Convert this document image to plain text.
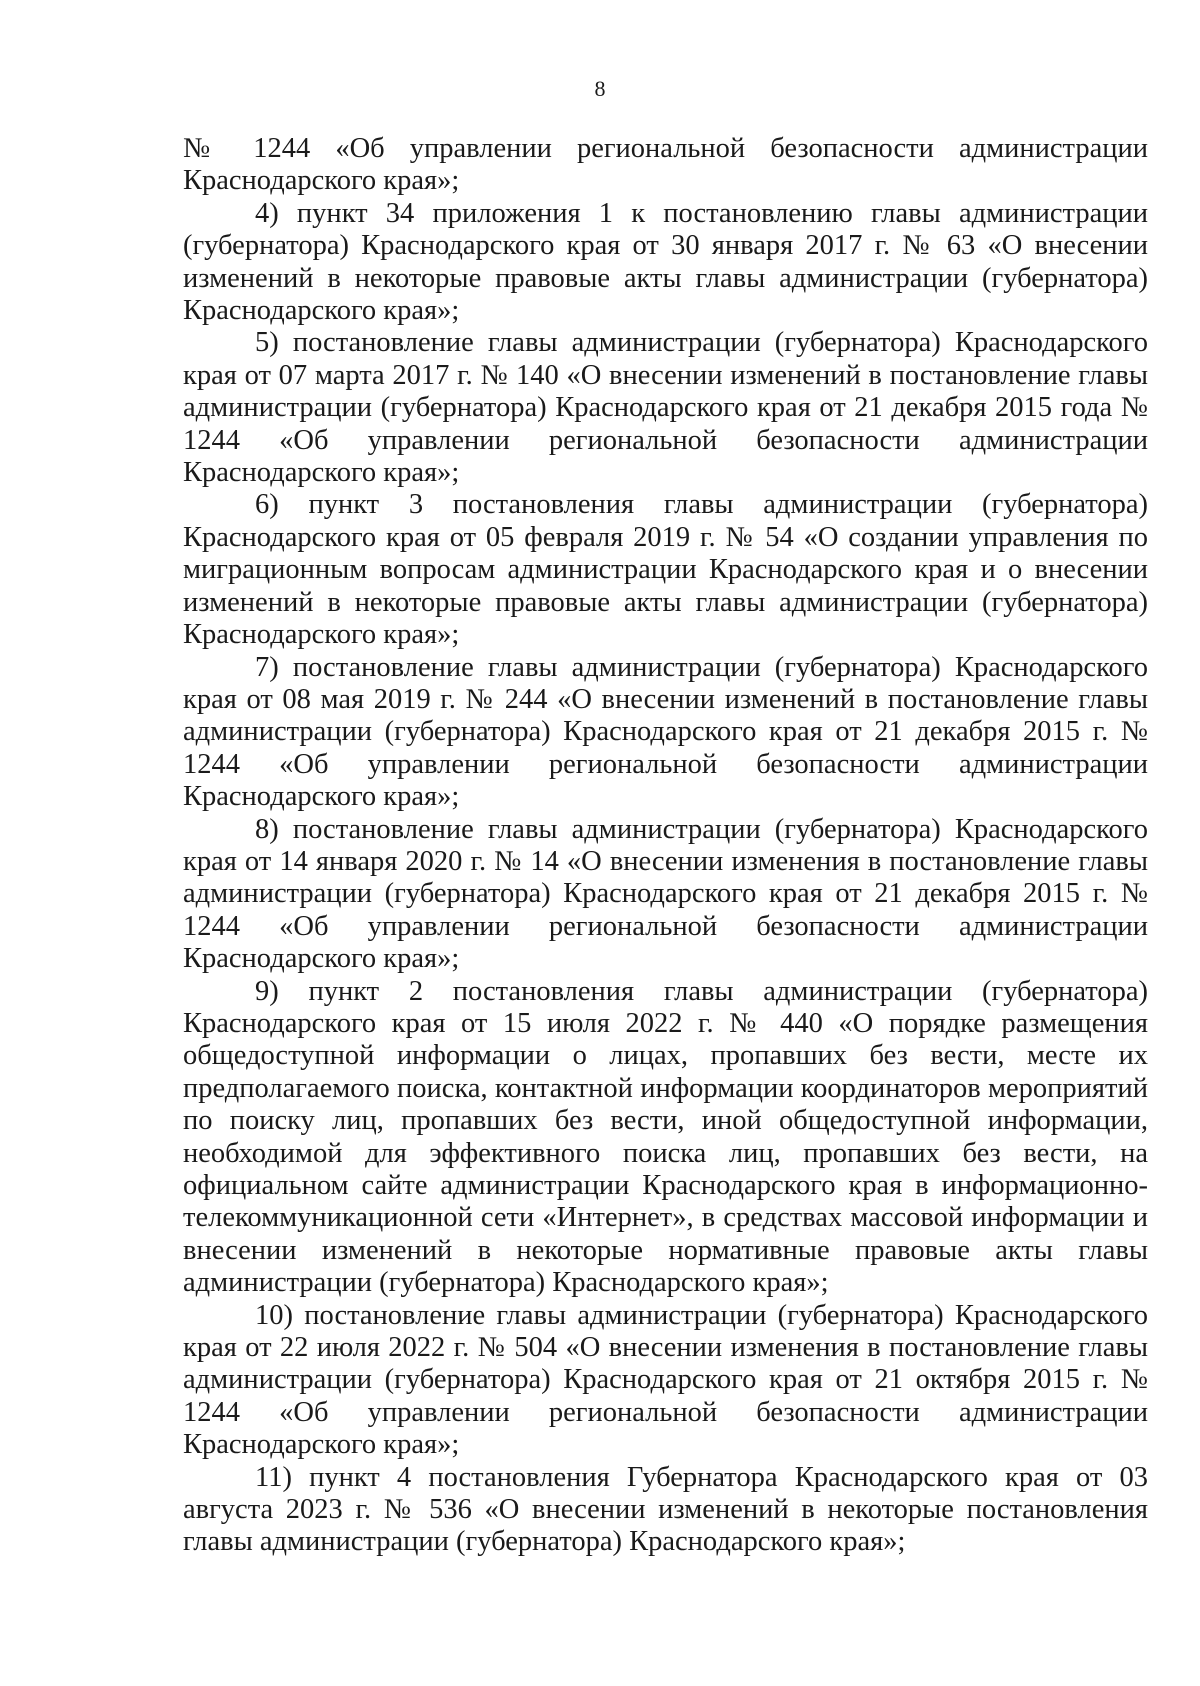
8

№ 1244 «Об управлении региональной безопасности администрации Краснодарского края»;

4) пункт 34 приложения 1 к постановлению главы администрации (губернатора) Краснодарского края от 30 января 2017 г. № 63 «О внесении изменений в некоторые правовые акты главы администрации (губернатора) Краснодарского края»;

5) постановление главы администрации (губернатора) Краснодарского края от 07 марта 2017 г. № 140 «О внесении изменений в постановление главы администрации (губернатора) Краснодарского края от 21 декабря 2015 года № 1244 «Об управлении региональной безопасности администрации Краснодарского края»;

6) пункт 3 постановления главы администрации (губернатора) Краснодарского края от 05 февраля 2019 г. № 54 «О создании управления по миграционным вопросам администрации Краснодарского края и о внесении изменений в некоторые правовые акты главы администрации (губернатора) Краснодарского края»;

7) постановление главы администрации (губернатора) Краснодарского края от 08 мая 2019 г. № 244 «О внесении изменений в постановление главы администрации (губернатора) Краснодарского края от 21 декабря 2015 г. № 1244 «Об управлении региональной безопасности администрации Краснодарского края»;

8) постановление главы администрации (губернатора) Краснодарского края от 14 января 2020 г. № 14 «О внесении изменения в постановление главы администрации (губернатора) Краснодарского края от 21 декабря 2015 г. № 1244 «Об управлении региональной безопасности администрации Краснодарского края»;

9) пункт 2 постановления главы администрации (губернатора) Краснодарского края от 15 июля 2022 г. № 440 «О порядке размещения общедоступной информации о лицах, пропавших без вести, месте их предполагаемого поиска, контактной информации координаторов мероприятий по поиску лиц, пропавших без вести, иной общедоступной информации, необходимой для эффективного поиска лиц, пропавших без вести, на официальном сайте администрации Краснодарского края в информационно-телекоммуникационной сети «Интернет», в средствах массовой информации и внесении изменений в некоторые нормативные правовые акты главы администрации (губернатора) Краснодарского края»;

10) постановление главы администрации (губернатора) Краснодарского края от 22 июля 2022 г. № 504 «О внесении изменения в постановление главы администрации (губернатора) Краснодарского края от 21 октября 2015 г. № 1244 «Об управлении региональной безопасности администрации Краснодарского края»;

11) пункт 4 постановления Губернатора Краснодарского края от 03 августа 2023 г. № 536 «О внесении изменений в некоторые постановления главы администрации (губернатора) Краснодарского края»;
